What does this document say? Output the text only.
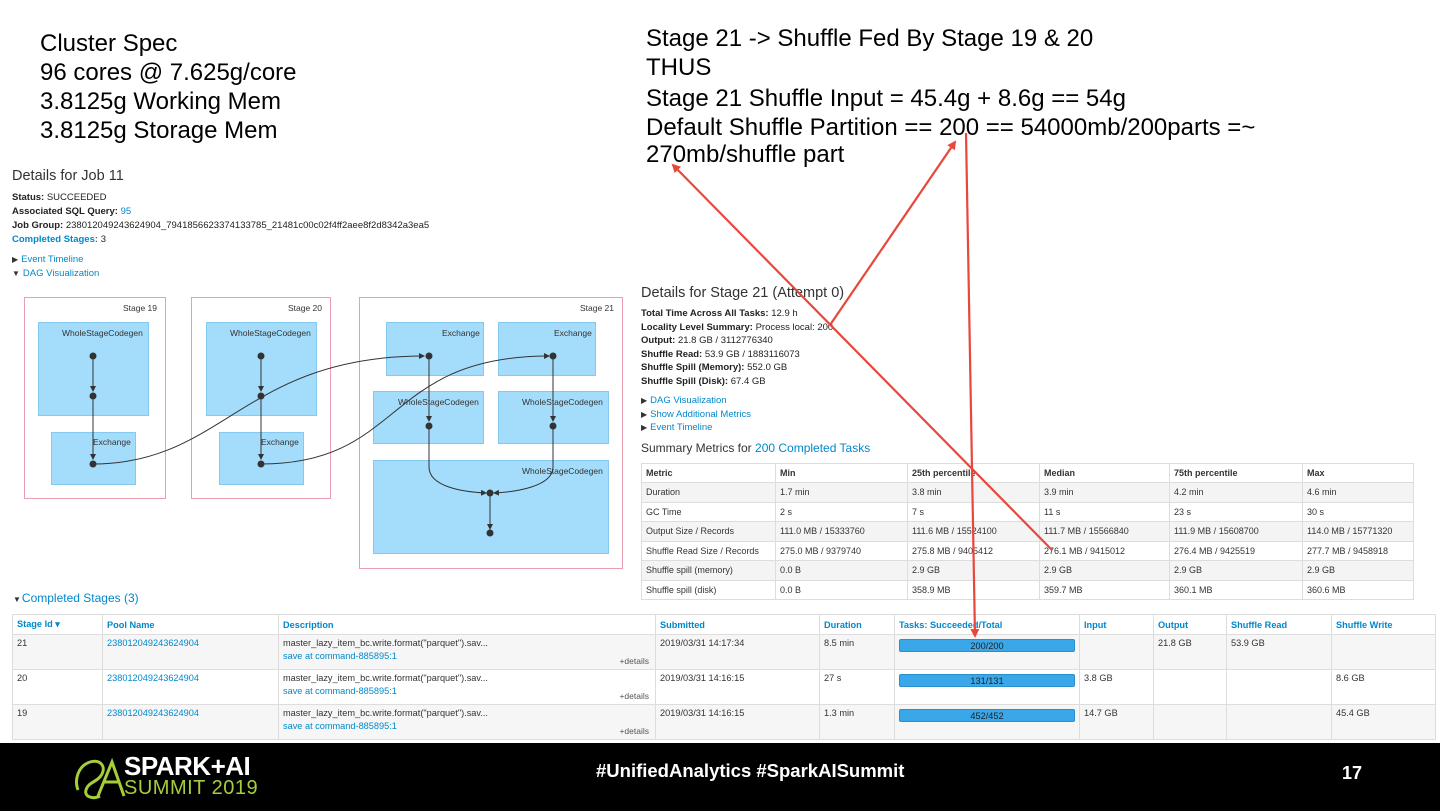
Cluster Spec
96 cores @ 7.625g/core
3.8125g Working Mem
3.8125g Storage Mem
Stage 21 -> Shuffle Fed By Stage 19 & 20
THUS
Stage 21 Shuffle Input = 45.4g + 8.6g == 54g
Default Shuffle Partition == 200 == 54000mb/200parts =~
270mb/shuffle part
Details for Job 11
Status: SUCCEEDED
Associated SQL Query: 95
Job Group: 238012049243624904_7941856623374133785_21481c00c02f4ff2aee8f2d8342a3ea5
Completed Stages: 3
▶ Event Timeline
▼ DAG Visualization
Stage 19	Stage 20	Stage 21
WholeStageCodegen
Exchange
WholeStageCodegen
Exchange
Exchange	Exchange
WholeStageCodegen	WholeStageCodegen
WholeStageCodegen
Details for Stage 21 (Attempt 0)
Total Time Across All Tasks: 12.9 h
Locality Level Summary: Process local: 200
Output: 21.8 GB / 3112776340
Shuffle Read: 53.9 GB / 1883116073
Shuffle Spill (Memory): 552.0 GB
Shuffle Spill (Disk): 67.4 GB
▶ DAG Visualization
▶ Show Additional Metrics
▶ Event Timeline
Summary Metrics for 200 Completed Tasks
Metric	Min	25th percentile	Median	75th percentile	Max
Duration	1.7 min	3.8 min	3.9 min	4.2 min	4.6 min
GC Time	2 s	7 s	11 s	23 s	30 s
Output Size / Records	111.0 MB / 15333760	111.6 MB / 15524100	111.7 MB / 15566840	111.9 MB / 15608700	114.0 MB / 15771320
Shuffle Read Size / Records	275.0 MB / 9379740	275.8 MB / 9405412	276.1 MB / 9415012	276.4 MB / 9425519	277.7 MB / 9458918
Shuffle spill (memory)	0.0 B	2.9 GB	2.9 GB	2.9 GB	2.9 GB
Shuffle spill (disk)	0.0 B	358.9 MB	359.7 MB	360.1 MB	360.6 MB
▼Completed Stages (3)
Stage Id ▾	Pool Name	Description	Submitted	Duration	Tasks: Succeeded/Total	Input	Output	Shuffle Read	Shuffle Write
21	238012049243624904	master_lazy_item_bc.write.format("parquet").sav...
save at command-885895:1 +details	2019/03/31 14:17:34	8.5 min	200/200		21.8 GB	53.9 GB	
20	238012049243624904	master_lazy_item_bc.write.format("parquet").sav...
save at command-885895:1 +details	2019/03/31 14:16:15	27 s	131/131	3.8 GB			8.6 GB
19	238012049243624904	master_lazy_item_bc.write.format("parquet").sav...
save at command-885895:1 +details	2019/03/31 14:16:15	1.3 min	452/452	14.7 GB			45.4 GB
SPARK+AI
SUMMIT 2019
#UnifiedAnalytics #SparkAISummit	17
